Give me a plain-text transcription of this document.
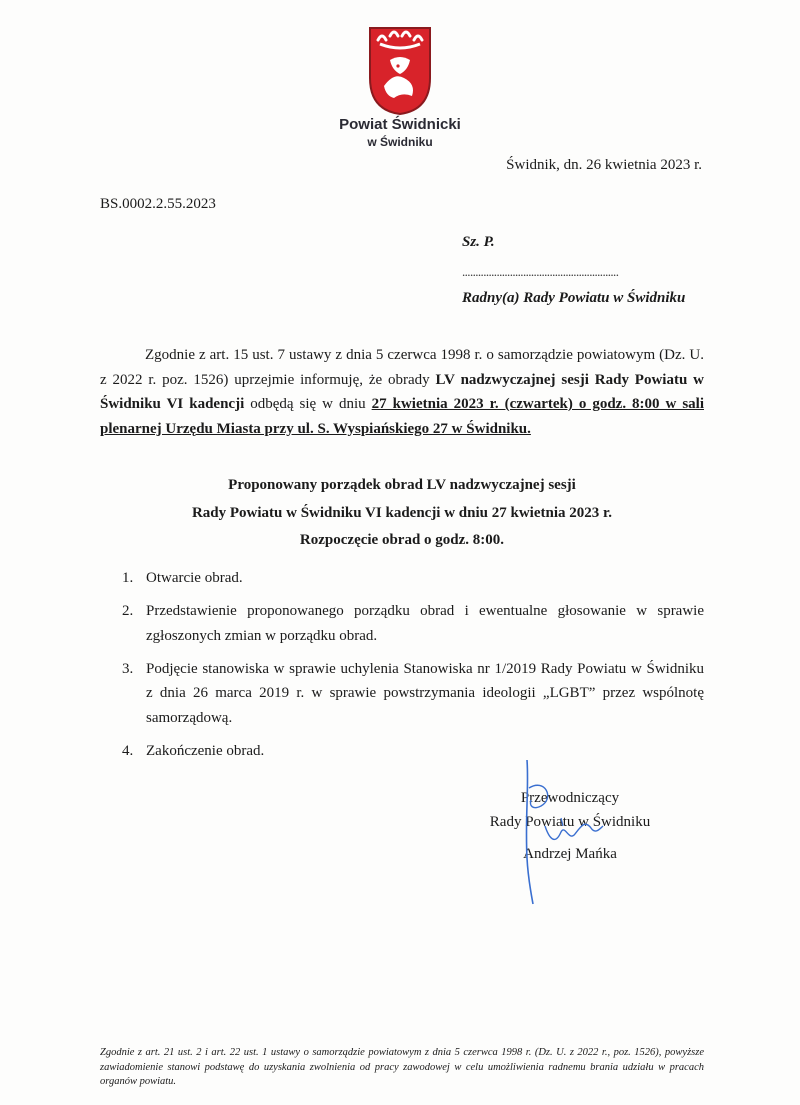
Powiat Świdnicki
w Świdniku
Świdnik, dn. 26 kwietnia 2023 r.
BS.0002.2.55.2023
Sz. P.
...........................................................
Radny(a) Rady Powiatu w Świdniku

Zgodnie z art. 15 ust. 7 ustawy z dnia 5 czerwca 1998 r. o samorządzie powiatowym (Dz. U. z 2022 r. poz. 1526) uprzejmie informuję, że obrady LV nadzwyczajnej sesji Rady Powiatu w Świdniku VI kadencji odbędą się w dniu 27 kwietnia 2023 r. (czwartek) o godz. 8:00 w sali plenarnej Urzędu Miasta przy ul. S. Wyspiańskiego 27 w Świdniku.

Proponowany porządek obrad LV nadzwyczajnej sesji
Rady Powiatu w Świdniku VI kadencji w dniu 27 kwietnia 2023 r.
Rozpoczęcie obrad o godz. 8:00.
1. Otwarcie obrad.
2. Przedstawienie proponowanego porządku obrad i ewentualne głosowanie w sprawie zgłoszonych zmian w porządku obrad.
3. Podjęcie stanowiska w sprawie uchylenia Stanowiska nr 1/2019 Rady Powiatu w Świdniku z dnia 26 marca 2019 r. w sprawie powstrzymania ideologii „LGBT” przez wspólnotę samorządową.
4. Zakończenie obrad.
Przewodniczący
Rady Powiatu w Świdniku
Andrzej Mańka
Zgodnie z art. 21 ust. 2 i art. 22 ust. 1 ustawy o samorządzie powiatowym z dnia 5 czerwca 1998 r. (Dz. U. z 2022 r., poz. 1526), powyższe zawiadomienie stanowi podstawę do uzyskania zwolnienia od pracy zawodowej w celu umożliwienia radnemu brania udziału w pracach organów powiatu.
